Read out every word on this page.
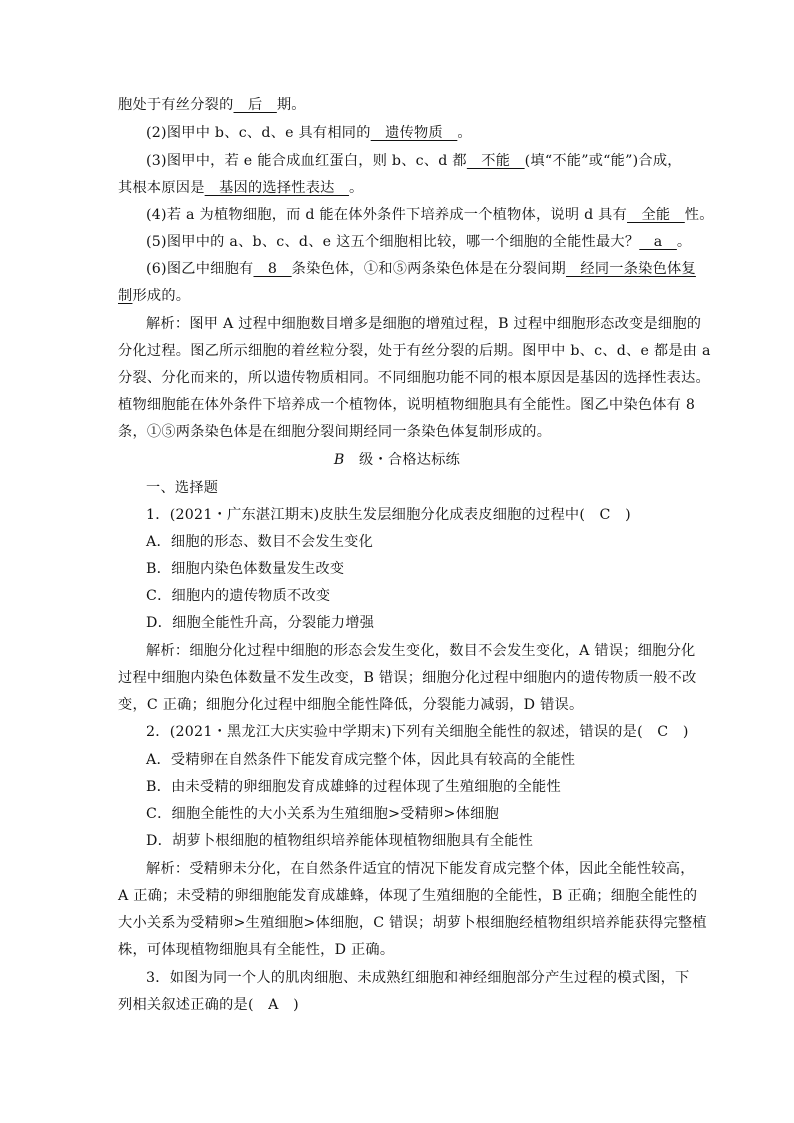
胞处于有丝分裂的　后　期。
(2)图甲中 b、c、d、e 具有相同的　遗传物质　。
(3)图甲中，若 e 能合成血红蛋白，则 b、c、d 都　不能　(填“不能”或“能”)合成，
其根本原因是　基因的选择性表达　。
(4)若 a 为植物细胞，而 d 能在体外条件下培养成一个植物体，说明 d 具有　全能　性。
(5)图甲中的 a、b、c、d、e 这五个细胞相比较，哪一个细胞的全能性最大？　a　。
(6)图乙中细胞有　8　条染色体，①和⑤两条染色体是在分裂间期　经同一条染色体复
制形成的。
解析：图甲 A 过程中细胞数目增多是细胞的增殖过程，B 过程中细胞形态改变是细胞的
分化过程。图乙所示细胞的着丝粒分裂，处于有丝分裂的后期。图甲中 b、c、d、e 都是由 a
分裂、分化而来的，所以遗传物质相同。不同细胞功能不同的根本原因是基因的选择性表达。
植物细胞能在体外条件下培养成一个植物体，说明植物细胞具有全能性。图乙中染色体有 8
条，①⑤两条染色体是在细胞分裂间期经同一条染色体复制形成的。
B　级・合格达标练
一、选择题
1．(2021・广东湛江期末)皮肤生发层细胞分化成表皮细胞的过程中(　C　)
A．细胞的形态、数目不会发生变化
B．细胞内染色体数量发生改变
C．细胞内的遗传物质不改变
D．细胞全能性升高，分裂能力增强
解析：细胞分化过程中细胞的形态会发生变化，数目不会发生变化，A 错误；细胞分化
过程中细胞内染色体数量不发生改变，B 错误；细胞分化过程中细胞内的遗传物质一般不改
变，C 正确；细胞分化过程中细胞全能性降低，分裂能力减弱，D 错误。
2．(2021・黑龙江大庆实验中学期末)下列有关细胞全能性的叙述，错误的是(　C　)
A．受精卵在自然条件下能发育成完整个体，因此具有较高的全能性
B．由未受精的卵细胞发育成雄蜂的过程体现了生殖细胞的全能性
C．细胞全能性的大小关系为生殖细胞>受精卵>体细胞
D．胡萝卜根细胞的植物组织培养能体现植物细胞具有全能性
解析：受精卵未分化，在自然条件适宜的情况下能发育成完整个体，因此全能性较高，
A 正确；未受精的卵细胞能发育成雄蜂，体现了生殖细胞的全能性，B 正确；细胞全能性的
大小关系为受精卵>生殖细胞>体细胞，C 错误；胡萝卜根细胞经植物组织培养能获得完整植
株，可体现植物细胞具有全能性，D 正确。
3．如图为同一个人的肌肉细胞、未成熟红细胞和神经细胞部分产生过程的模式图，下
列相关叙述正确的是(　A　)
